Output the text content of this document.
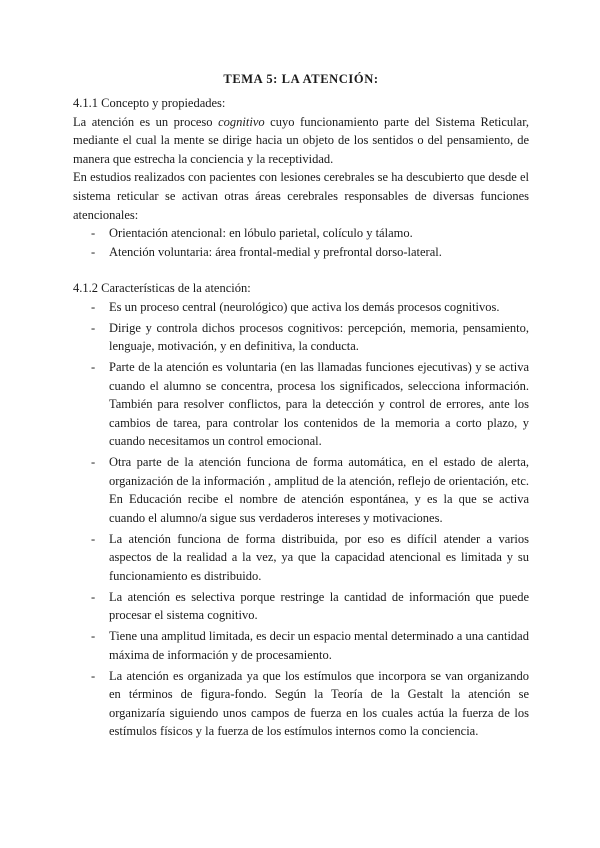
TEMA 5: LA ATENCIÓN:

4.1.1 Concepto y propiedades:

La atención es un proceso cognitivo cuyo funcionamiento parte del Sistema Reticular, mediante el cual la mente se dirige hacia un objeto de los sentidos o del pensamiento, de manera que estrecha la conciencia y la receptividad.

En estudios realizados con pacientes con lesiones cerebrales se ha descubierto que desde el sistema reticular se activan otras áreas cerebrales responsables de diversas funciones atencionales:

- Orientación atencional: en lóbulo parietal, colículo y tálamo.
- Atención voluntaria: área frontal-medial y prefrontal dorso-lateral.

4.1.2 Características de la atención:

- Es un proceso central (neurológico) que activa los demás procesos cognitivos.
- Dirige y controla dichos procesos cognitivos: percepción, memoria, pensamiento, lenguaje, motivación, y en definitiva, la conducta.
- Parte de la atención es voluntaria (en las llamadas funciones ejecutivas) y se activa cuando el alumno se concentra, procesa los significados, selecciona información. También para resolver conflictos, para la detección y control de errores, ante los cambios de tarea, para controlar los contenidos de la memoria a corto plazo, y cuando necesitamos un control emocional.
- Otra parte de la atención funciona de forma automática, en el estado de alerta, organización de la información , amplitud de la atención, reflejo de orientación, etc. En Educación recibe el nombre de atención espontánea, y es la que se activa cuando el alumno/a sigue sus verdaderos intereses y motivaciones.
- La atención funciona de forma distribuida, por eso es difícil atender a varios aspectos de la realidad a la vez, ya que la capacidad atencional es limitada y su funcionamiento es distribuido.
- La atención es selectiva porque restringe la cantidad de información que puede procesar el sistema cognitivo.
- Tiene una amplitud limitada, es decir un espacio mental determinado a una cantidad máxima de información y de procesamiento.
- La atención es organizada ya que los estímulos que incorpora se van organizando en términos de figura-fondo. Según la Teoría de la Gestalt la atención se organizaría siguiendo unos campos de fuerza en los cuales actúa la fuerza de los estímulos físicos y la fuerza de los estímulos internos como la conciencia.
